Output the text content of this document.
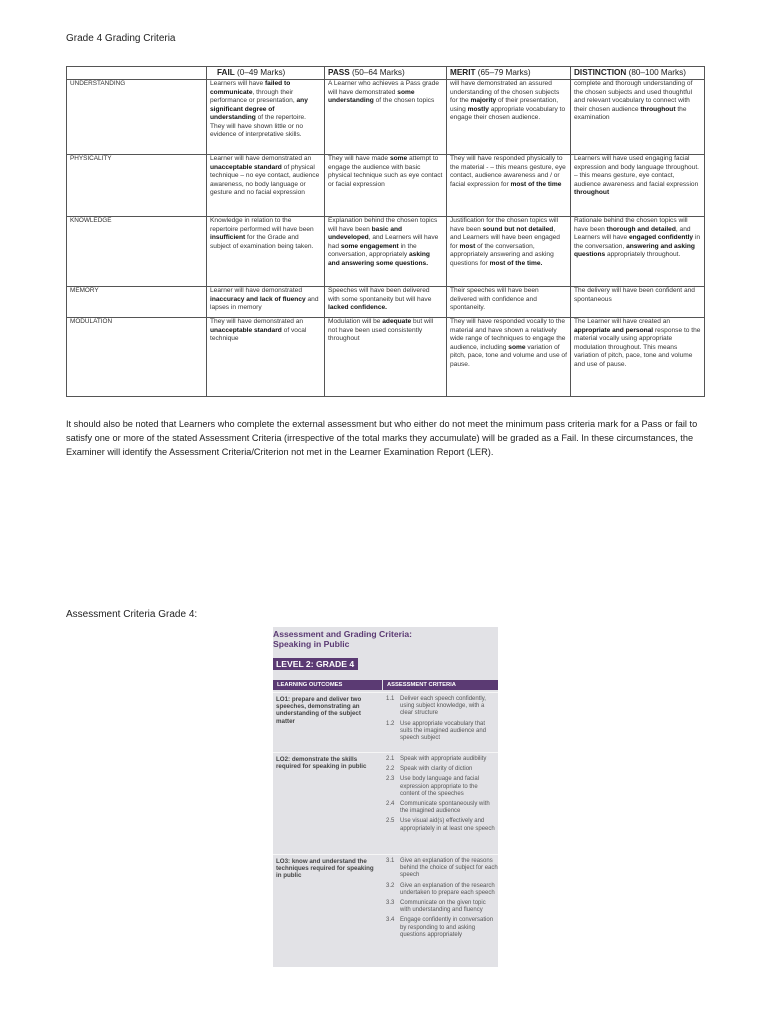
Grade 4 Grading Criteria
	FAIL (0–49 Marks)	PASS (50–64 Marks)	MERIT (65–79 Marks)	DISTINCTION (80–100 Marks)
UNDERSTANDING	Learners will have failed to communicate, through their performance or presentation, any significant degree of understanding of the repertoire. They will have shown little or no evidence of interpretative skills.	A Learner who achieves a Pass grade will have demonstrated some understanding of the chosen topics	will have demonstrated an assured understanding of the chosen subjects for the majority of their presentation, using mostly appropriate vocabulary to engage their chosen audience.	complete and thorough understanding of the chosen subjects and used thoughtful and relevant vocabulary to connect with their chosen audience throughout the examination
PHYSICALITY	Learner will have demonstrated an unacceptable standard of physical technique – no eye contact, audience awareness, no body language or gesture and no facial expression	They will have made some attempt to engage the audience with basic physical technique such as eye contact or facial expression	They will have responded physically to the material - – this means gesture, eye contact, audience awareness and / or facial expression for most of the time	Learners will have used engaging facial expression and body language throughout. – this means gesture, eye contact, audience awareness and facial expression throughout
KNOWLEDGE	Knowledge in relation to the repertoire performed will have been insufficient for the Grade and subject of examination being taken.	Explanation behind the chosen topics will have been basic and undeveloped, and Learners will have had some engagement in the conversation, appropriately asking and answering some questions.	Justification for the chosen topics will have been sound but not detailed, and Learners will have been engaged for most of the conversation, appropriately answering and asking questions for most of the time.	Rationale behind the chosen topics will have been thorough and detailed, and Learners will have engaged confidently in the conversation, answering and asking questions appropriately throughout.
MEMORY	Learner will have demonstrated inaccuracy and lack of fluency and lapses in memory	Speeches will have been delivered with some spontaneity but will have lacked confidence.	Their speeches will have been delivered with confidence and spontaneity.	The delivery will have been confident and spontaneous
MODULATION	They will have demonstrated an unacceptable standard of vocal technique	Modulation will be adequate but will not have been used consistently throughout	They will have responded vocally to the material and have shown a relatively wide range of techniques to engage the audience, including some variation of pitch, pace, tone and volume and use of pause.	The Learner will have created an appropriate and personal response to the material vocally using appropriate modulation throughout. This means variation of pitch, pace, tone and volume and use of pause.
It should also be noted that Learners who complete the external assessment but who either do not meet the minimum pass criteria mark for a Pass or fail to satisfy one or more of the stated Assessment Criteria (irrespective of the total marks they accumulate) will be graded as a Fail. In these circumstances, the Examiner will identify the Assessment Criteria/Criterion not met in the Learner Examination Report (LER).
Assessment Criteria Grade 4:
Assessment and Grading Criteria:
Speaking in Public
LEVEL 2: GRADE 4
LEARNING OUTCOMES	ASSESSMENT CRITERIA
LO1: prepare and deliver two speeches, demonstrating an understanding of the subject matter
1.1 Deliver each speech confidently, using subject knowledge, with a clear structure
1.2 Use appropriate vocabulary that suits the imagined audience and speech subject
LO2: demonstrate the skills required for speaking in public
2.1 Speak with appropriate audibility
2.2 Speak with clarity of diction
2.3 Use body language and facial expression appropriate to the content of the speeches
2.4 Communicate spontaneously with the imagined audience
2.5 Use visual aid(s) effectively and appropriately in at least one speech
LO3: know and understand the techniques required for speaking in public
3.1 Give an explanation of the reasons behind the choice of subject for each speech
3.2 Give an explanation of the research undertaken to prepare each speech
3.3 Communicate on the given topic with understanding and fluency
3.4 Engage confidently in conversation by responding to and asking questions appropriately
